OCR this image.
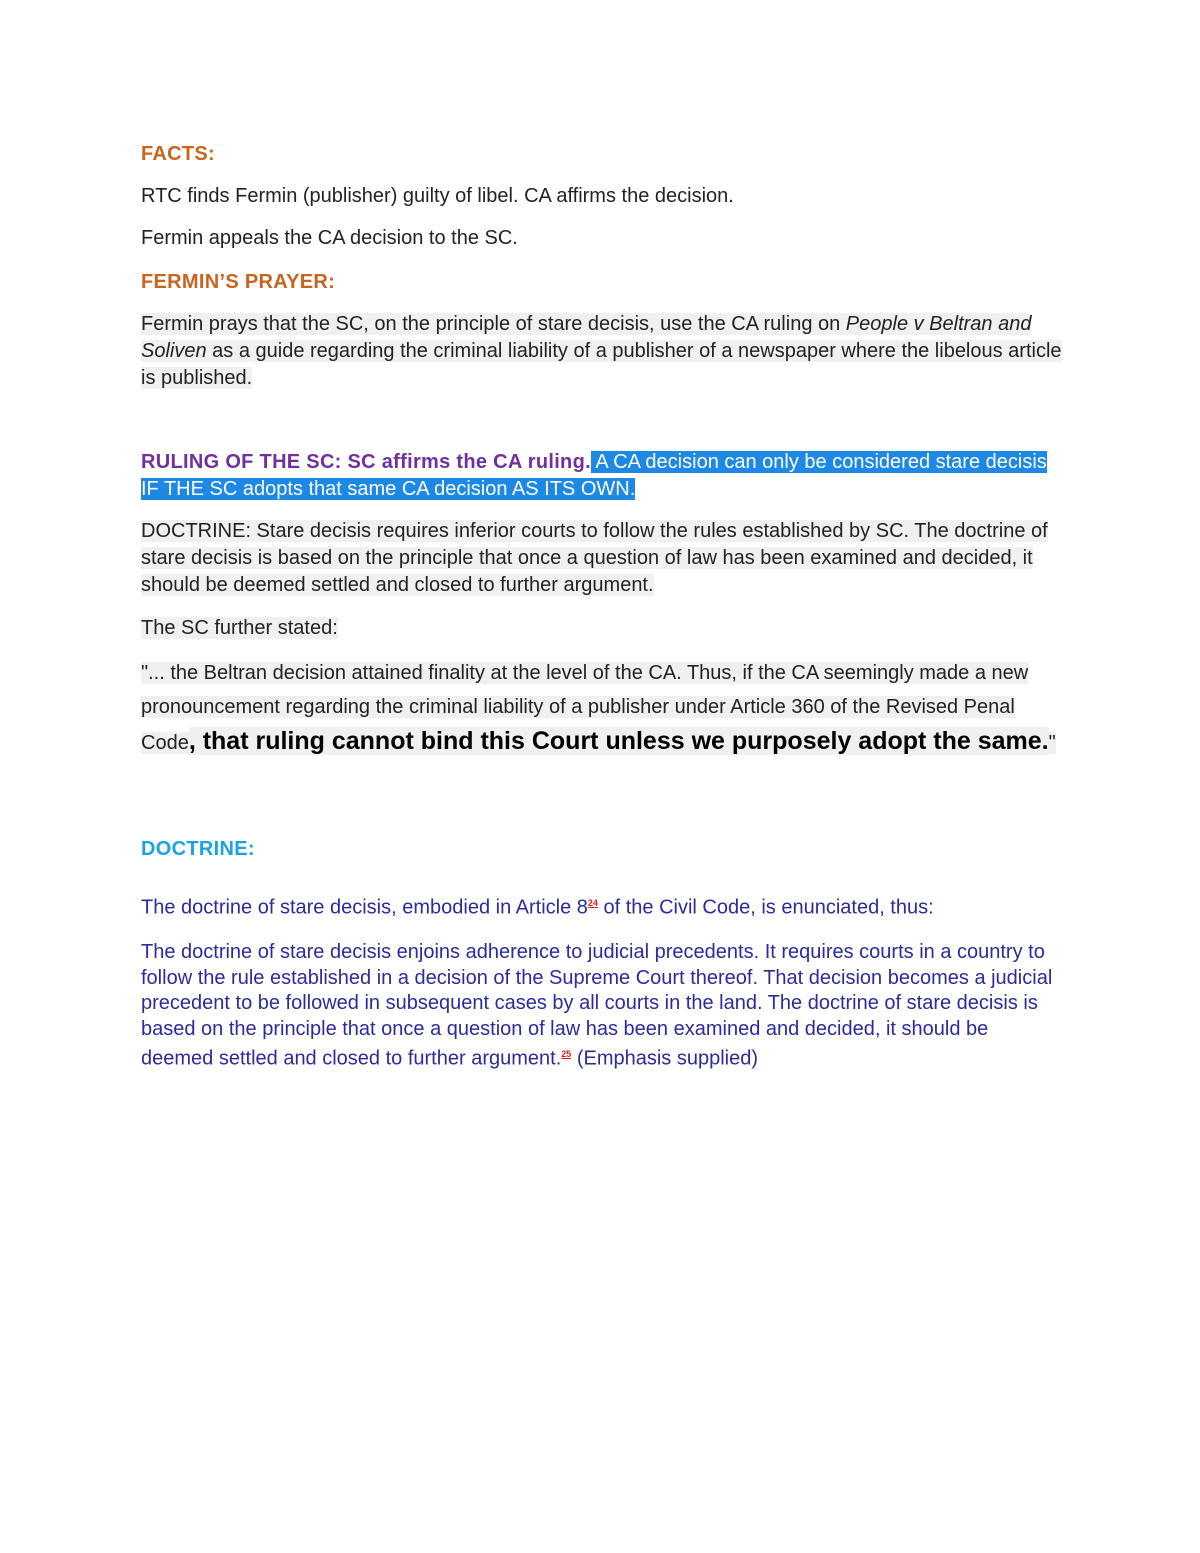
FACTS:

RTC finds Fermin (publisher) guilty of libel. CA affirms the decision.

Fermin appeals the CA decision to the SC.

FERMIN’S PRAYER:

Fermin prays that the SC, on the principle of stare decisis, use the CA ruling on People v Beltran and Soliven as a guide regarding the criminal liability of a publisher of a newspaper where the libelous article is published.

RULING OF THE SC: SC affirms the CA ruling. A CA decision can only be considered stare decisis IF THE SC adopts that same CA decision AS ITS OWN.

DOCTRINE: Stare decisis requires inferior courts to follow the rules established by SC. The doctrine of stare decisis is based on the principle that once a question of law has been examined and decided, it should be deemed settled and closed to further argument.

The SC further stated:

"... the Beltran decision attained finality at the level of the CA. Thus, if the CA seemingly made a new pronouncement regarding the criminal liability of a publisher under Article 360 of the Revised Penal Code, that ruling cannot bind this Court unless we purposely adopt the same."

DOCTRINE:

The doctrine of stare decisis, embodied in Article 8$^{24}$ of the Civil Code, is enunciated, thus:

The doctrine of stare decisis enjoins adherence to judicial precedents. It requires courts in a country to follow the rule established in a decision of the Supreme Court thereof. That decision becomes a judicial precedent to be followed in subsequent cases by all courts in the land. The doctrine of stare decisis is based on the principle that once a question of law has been examined and decided, it should be deemed settled and closed to further argument.$^{25}$ (Emphasis supplied)
